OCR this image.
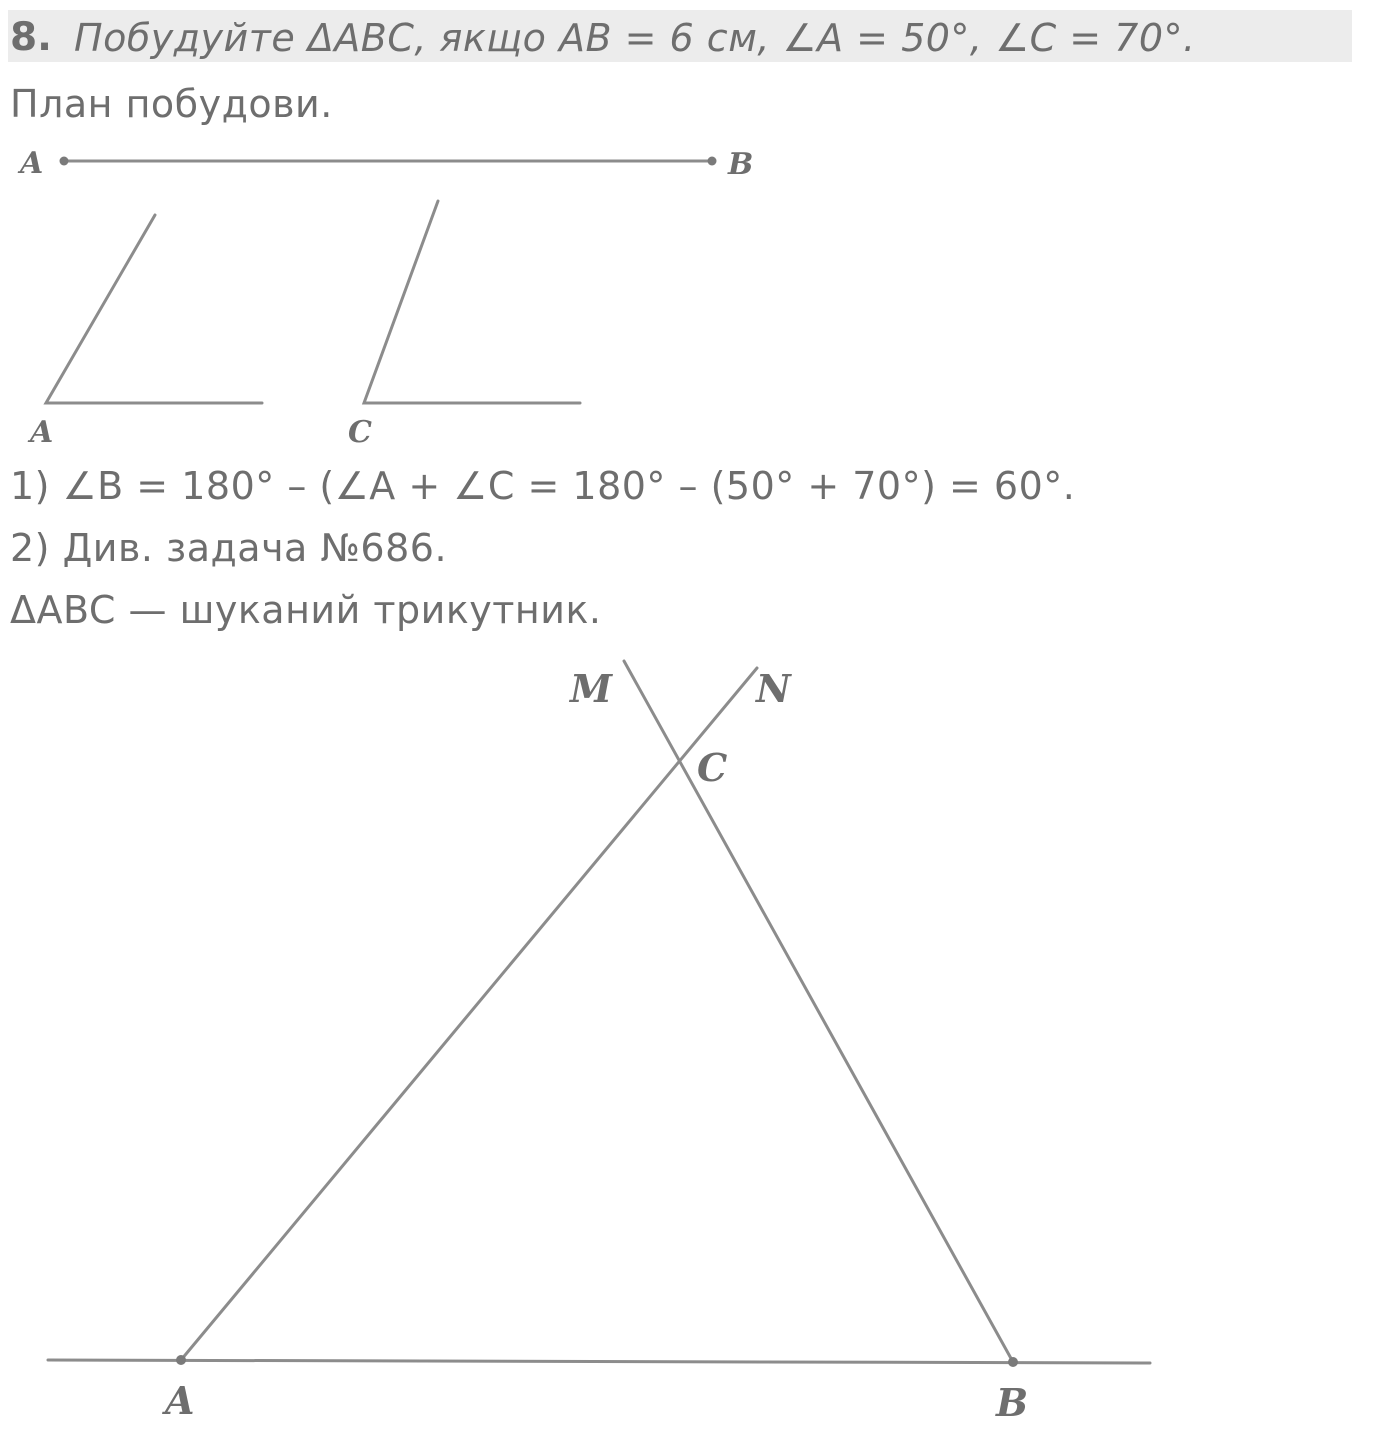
8. Побудуйте ΔABC, якщо AB = 6 см, ∠A = 50°, ∠C = 70°.
План побудови.
1) ∠B = 180° – (∠A + ∠C = 180° – (50° + 70°) = 60°.
2) Див. задача №686.
ΔABC — шуканий трикутник.
A	B
A	C
A	B
C
M	N
